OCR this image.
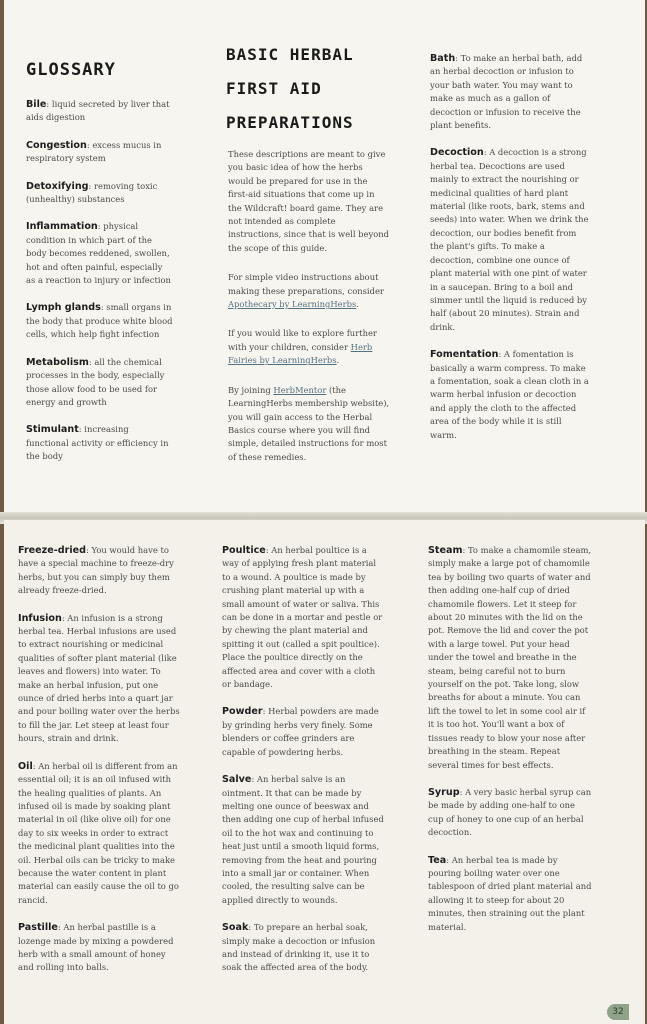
GLOSSARY
Bile: liquid secreted by liver that aids digestion
Congestion: excess mucus in respiratory system
Detoxifying: removing toxic (unhealthy) substances
Inflammation: physical condition in which part of the body becomes reddened, swollen, hot and often painful, especially as a reaction to injury or infection
Lymph glands: small organs in the body that produce white blood cells, which help fight infection
Metabolism: all the chemical processes in the body, especially those allow food to be used for energy and growth
Stimulant: increasing functional activity or efficiency in the body
BASIC HERBAL FIRST AID PREPARATIONS

These descriptions are meant to give you basic idea of how the herbs would be prepared for use in the first-aid situations that come up in the Wildcraft! board game. They are not intended as complete instructions, since that is well beyond the scope of this guide.

For simple video instructions about making these preparations, consider Apothecary by LearningHerbs.

If you would like to explore further with your children, consider Herb Fairies by LearningHerbs.

By joining HerbMentor (the LearningHerbs membership website), you will gain access to the Herbal Basics course where you will find simple, detailed instructions for most of these remedies.

Bath: To make an herbal bath, add an herbal decoction or infusion to your bath water. You may want to make as much as a gallon of decoction or infusion to receive the plant benefits.
Decoction: A decoction is a strong herbal tea. Decoctions are used mainly to extract the nourishing or medicinal qualities of hard plant material (like roots, bark, stems and seeds) into water. When we drink the decoction, our bodies benefit from the plant's gifts. To make a decoction, combine one ounce of plant material with one pint of water in a saucepan. Bring to a boil and simmer until the liquid is reduced by half (about 20 minutes). Strain and drink.
Fomentation: A fomentation is basically a warm compress. To make a fomentation, soak a clean cloth in a warm herbal infusion or decoction and apply the cloth to the affected area of the body while it is still warm.
Freeze-dried: You would have to have a special machine to freeze-dry herbs, but you can simply buy them already freeze-dried.
Infusion: An infusion is a strong herbal tea. Herbal infusions are used to extract nourishing or medicinal qualities of softer plant material (like leaves and flowers) into water. To make an herbal infusion, put one ounce of dried herbs into a quart jar and pour boiling water over the herbs to fill the jar. Let steep at least four hours, strain and drink.
Oil: An herbal oil is different from an essential oil; it is an oil infused with the healing qualities of plants. An infused oil is made by soaking plant material in oil (like olive oil) for one day to six weeks in order to extract the medicinal plant qualities into the oil. Herbal oils can be tricky to make because the water content in plant material can easily cause the oil to go rancid.
Pastille: An herbal pastille is a lozenge made by mixing a powdered herb with a small amount of honey and rolling into balls.
Poultice: An herbal poultice is a way of applying fresh plant material to a wound. A poultice is made by crushing plant material up with a small amount of water or saliva. This can be done in a mortar and pestle or by chewing the plant material and spitting it out (called a spit poultice). Place the poultice directly on the affected area and cover with a cloth or bandage.
Powder: Herbal powders are made by grinding herbs very finely. Some blenders or coffee grinders are capable of powdering herbs.
Salve: An herbal salve is an ointment. It that can be made by melting one ounce of beeswax and then adding one cup of herbal infused oil to the hot wax and continuing to heat just until a smooth liquid forms, removing from the heat and pouring into a small jar or container. When cooled, the resulting salve can be applied directly to wounds.
Soak: To prepare an herbal soak, simply make a decoction or infusion and instead of drinking it, use it to soak the affected area of the body.
Steam: To make a chamomile steam, simply make a large pot of chamomile tea by boiling two quarts of water and then adding one-half cup of dried chamomile flowers. Let it steep for about 20 minutes with the lid on the pot. Remove the lid and cover the pot with a large towel. Put your head under the towel and breathe in the steam, being careful not to burn yourself on the pot. Take long, slow breaths for about a minute. You can lift the towel to let in some cool air if it is too hot. You'll want a box of tissues ready to blow your nose after breathing in the steam. Repeat several times for best effects.
Syrup: A very basic herbal syrup can be made by adding one-half to one cup of honey to one cup of an herbal decoction.
Tea: An herbal tea is made by pouring boiling water over one tablespoon of dried plant material and allowing it to steep for about 20 minutes, then straining out the plant material.
32
